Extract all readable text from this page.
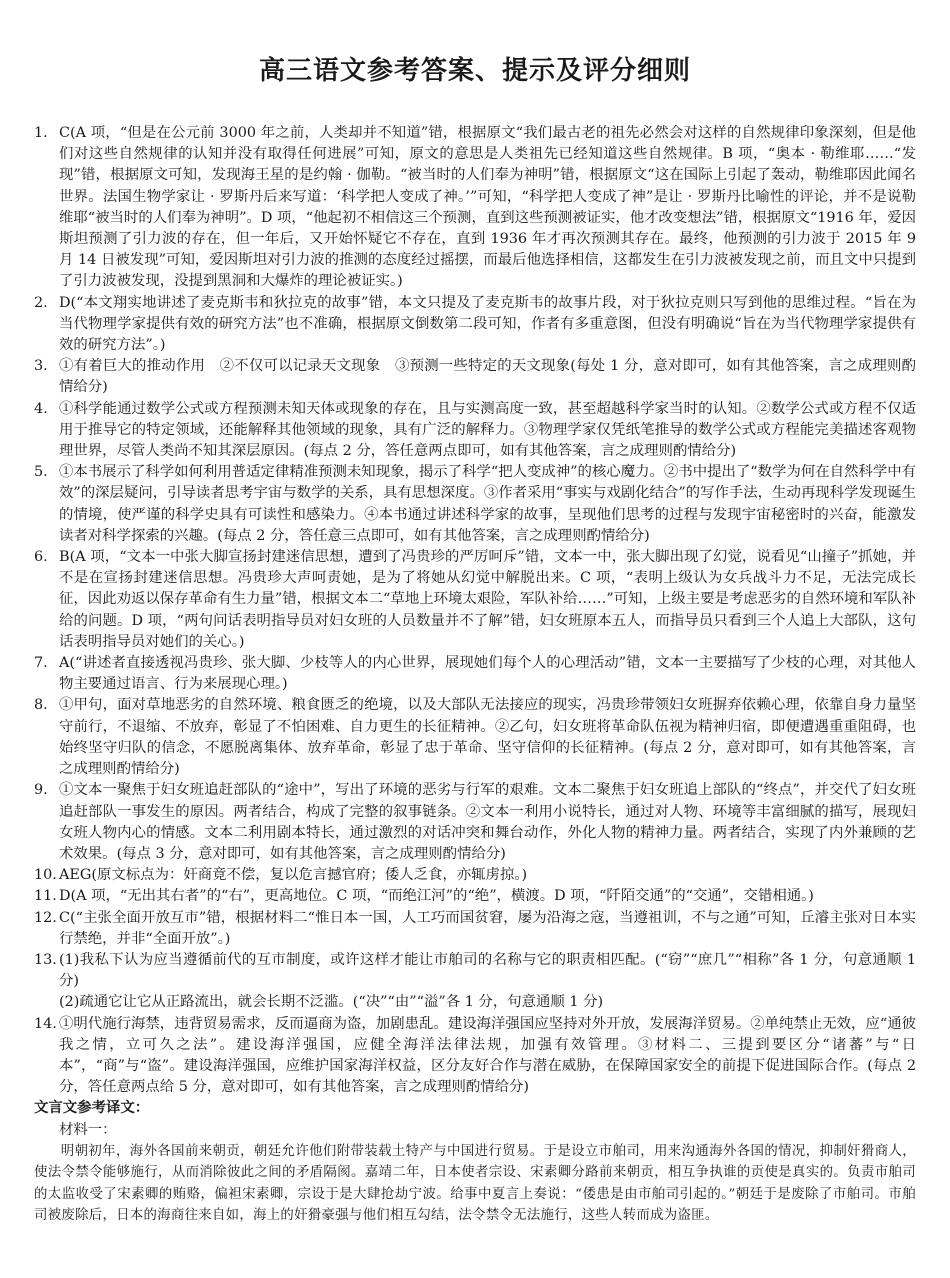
高三语文参考答案、提示及评分细则
1. C(A 项，“但是在公元前 3000 年之前，人类却并不知道”错，根据原文“我们最古老的祖先必然会对这样的自然规律印象深刻，但是他们对这些自然规律的认知并没有取得任何进展”可知，原文的意思是人类祖先已经知道这些自然规律。B 项，“奥本 · 勒维耶……“发现”错，根据原文可知，发现海王星的是约翰 · 伽勒。“被当时的人们奉为神明”错，根据原文“这在国际上引起了轰动，勒维耶因此闻名世界。法国生物学家让 · 罗斯丹后来写道：‘科学把人变成了神。’”可知，“科学把人变成了神”是让 · 罗斯丹比喻性的评论，并不是说勒维耶“被当时的人们奉为神明”。D 项，“他起初不相信这三个预测，直到这些预测被证实，他才改变想法”错，根据原文“1916 年，爱因斯坦预测了引力波的存在，但一年后，又开始怀疑它不存在，直到 1936 年才再次预测其存在。最终，他预测的引力波于 2015 年 9 月 14 日被发现”可知，爱因斯坦对引力波的推测的态度经过摇摆，而最后他选择相信，这都发生在引力波被发现之前，而且文中只提到了引力波被发现，没提到黑洞和大爆炸的理论被证实。)
2. D(“本文翔实地讲述了麦克斯韦和狄拉克的故事”错，本文只提及了麦克斯韦的故事片段，对于狄拉克则只写到他的思维过程。“旨在为当代物理学家提供有效的研究方法”也不准确，根据原文倒数第二段可知，作者有多重意图，但没有明确说“旨在为当代物理学家提供有效的研究方法”。)
3. ①有着巨大的推动作用　②不仅可以记录天文现象　③预测一些特定的天文现象(每处 1 分，意对即可，如有其他答案，言之成理则酌情给分)
4. ①科学能通过数学公式或方程预测未知天体或现象的存在，且与实测高度一致，甚至超越科学家当时的认知。②数学公式或方程不仅适用于推导它的特定领域，还能解释其他领域的现象，具有广泛的解释力。③物理学家仅凭纸笔推导的数学公式或方程能完美描述客观物理世界，尽管人类尚不知其深层原因。(每点 2 分，答任意两点即可，如有其他答案，言之成理则酌情给分)
5. ①本书展示了科学如何利用普适定律精准预测未知现象，揭示了科学“把人变成神”的核心魔力。②书中提出了“数学为何在自然科学中有效”的深层疑问，引导读者思考宇宙与数学的关系，具有思想深度。③作者采用“事实与戏剧化结合”的写作手法，生动再现科学发现诞生的情境，使严谨的科学史具有可读性和感染力。④本书通过讲述科学家的故事，呈现他们思考的过程与发现宇宙秘密时的兴奋，能激发读者对科学探索的兴趣。(每点 2 分，答任意三点即可，如有其他答案，言之成理则酌情给分)
6. B(A 项，“文本一中张大脚宣扬封建迷信思想，遭到了冯贵珍的严厉呵斥”错，文本一中，张大脚出现了幻觉，说看见“山撞子”抓她，并不是在宣扬封建迷信思想。冯贵珍大声呵责她，是为了将她从幻觉中解脱出来。C 项，“表明上级认为女兵战斗力不足，无法完成长征，因此劝返以保存革命有生力量”错，根据文本二“草地上环境太艰险，军队补给……”可知，上级主要是考虑恶劣的自然环境和军队补给的问题。D 项，“两句问话表明指导员对妇女班的人员数量并不了解”错，妇女班原本五人，而指导员只看到三个人追上大部队，这句话表明指导员对她们的关心。)
7. A(“讲述者直接透视冯贵珍、张大脚、少枝等人的内心世界，展现她们每个人的心理活动”错，文本一主要描写了少枝的心理，对其他人物主要通过语言、行为来展现心理。)
8. ①甲句，面对草地恶劣的自然环境、粮食匮乏的绝境，以及大部队无法接应的现实，冯贵珍带领妇女班摒弃依赖心理，依靠自身力量坚守前行，不退缩、不放弃，彰显了不怕困难、自力更生的长征精神。②乙句，妇女班将革命队伍视为精神归宿，即便遭遇重重阻碍，也始终坚守归队的信念，不愿脱离集体、放弃革命，彰显了忠于革命、坚守信仰的长征精神。(每点 2 分，意对即可，如有其他答案，言之成理则酌情给分)
9. ①文本一聚焦于妇女班追赶部队的“途中”，写出了环境的恶劣与行军的艰难。文本二聚焦于妇女班追上部队的“终点”，并交代了妇女班追赶部队一事发生的原因。两者结合，构成了完整的叙事链条。②文本一利用小说特长，通过对人物、环境等丰富细腻的描写，展现妇女班人物内心的情感。文本二利用剧本特长，通过激烈的对话冲突和舞台动作，外化人物的精神力量。两者结合，实现了内外兼顾的艺术效果。(每点 3 分，意对即可，如有其他答案，言之成理则酌情给分)
10. AEG(原文标点为：奸商竟不偿，复以危言撼官府；倭人乏食，亦辄虏掠。)
11. D(A 项，“无出其右者”的“右”，更高地位。C 项，“而绝江河”的“绝”，横渡。D 项，“阡陌交通”的“交通”，交错相通。)
12. C(“主张全面开放互市”错，根据材料二“惟日本一国，人工巧而国贫窘，屡为沿海之寇，当遵祖训，不与之通”可知，丘濬主张对日本实行禁绝，并非“全面开放”。)
13. (1)我私下认为应当遵循前代的互市制度，或许这样才能让市舶司的名称与它的职责相匹配。(“窃”“庶几”“相称”各 1 分，句意通顺 1 分)
(2)疏通它让它从正路流出，就会长期不泛滥。(“决”“由”“溢”各 1 分，句意通顺 1 分)
14. ①明代施行海禁，违背贸易需求，反而逼商为盗，加剧患乱。建设海洋强国应坚持对外开放，发展海洋贸易。②单纯禁止无效，应“通彼我之情，立可久之法”。建设海洋强国，应健全海洋法律法规，加强有效管理。③材料二、三提到要区分“诸蕃”与“日本”，“商”与“盗”。建设海洋强国，应维护国家海洋权益，区分友好合作与潜在威胁，在保障国家安全的前提下促进国际合作。(每点 2 分，答任意两点给 5 分，意对即可，如有其他答案，言之成理则酌情给分)
文言文参考译文：
材料一：
明朝初年，海外各国前来朝贡，朝廷允许他们附带装载土特产与中国进行贸易。于是设立市舶司，用来沟通海外各国的情况，抑制奸猾商人，使法令禁令能够施行，从而消除彼此之间的矛盾隔阂。嘉靖二年，日本使者宗设、宋素卿分路前来朝贡，相互争执谁的贡使是真实的。负责市舶司的太监收受了宋素卿的贿赂，偏袒宋素卿，宗设于是大肆抢劫宁波。给事中夏言上奏说：“倭患是由市舶司引起的。”朝廷于是废除了市舶司。市舶司被废除后，日本的海商往来自如，海上的奸猾豪强与他们相互勾结，法令禁令无法施行，这些人转而成为盗匪。
